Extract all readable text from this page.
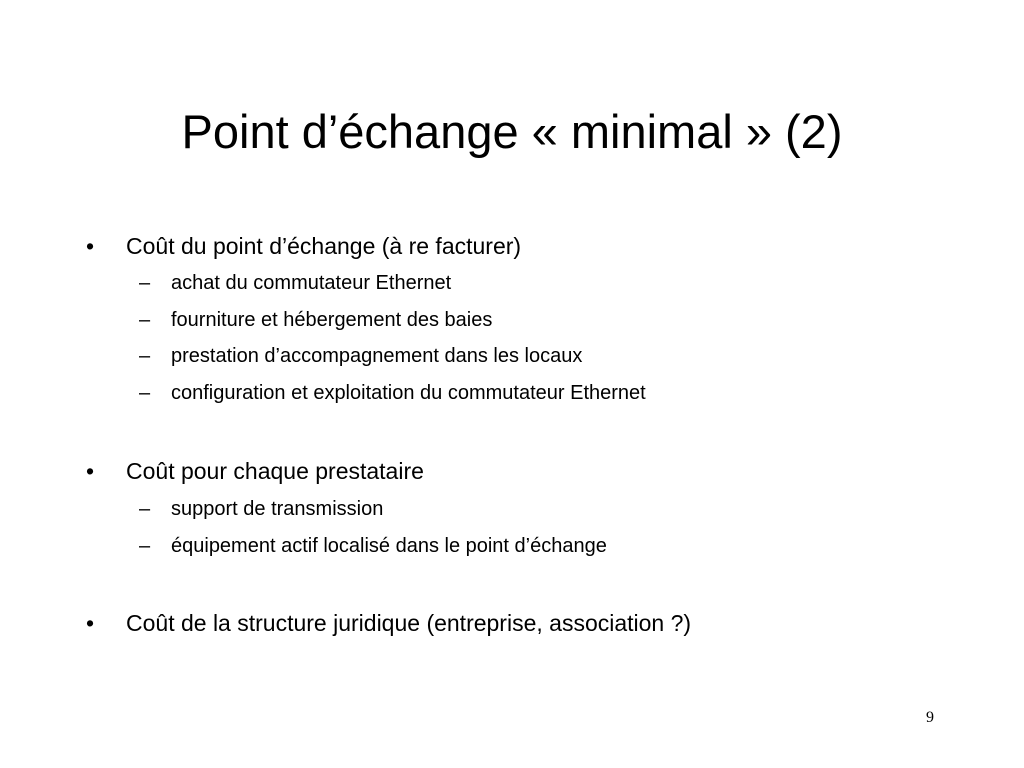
Point d’échange « minimal » (2)
• Coût du point d’échange (à re facturer)
– achat du commutateur Ethernet
– fourniture et hébergement des baies
– prestation d’accompagnement dans les locaux
– configuration et exploitation du commutateur Ethernet
• Coût pour chaque prestataire
– support de transmission
– équipement actif localisé dans le point d’échange
• Coût de la structure juridique (entreprise, association ?)
9
